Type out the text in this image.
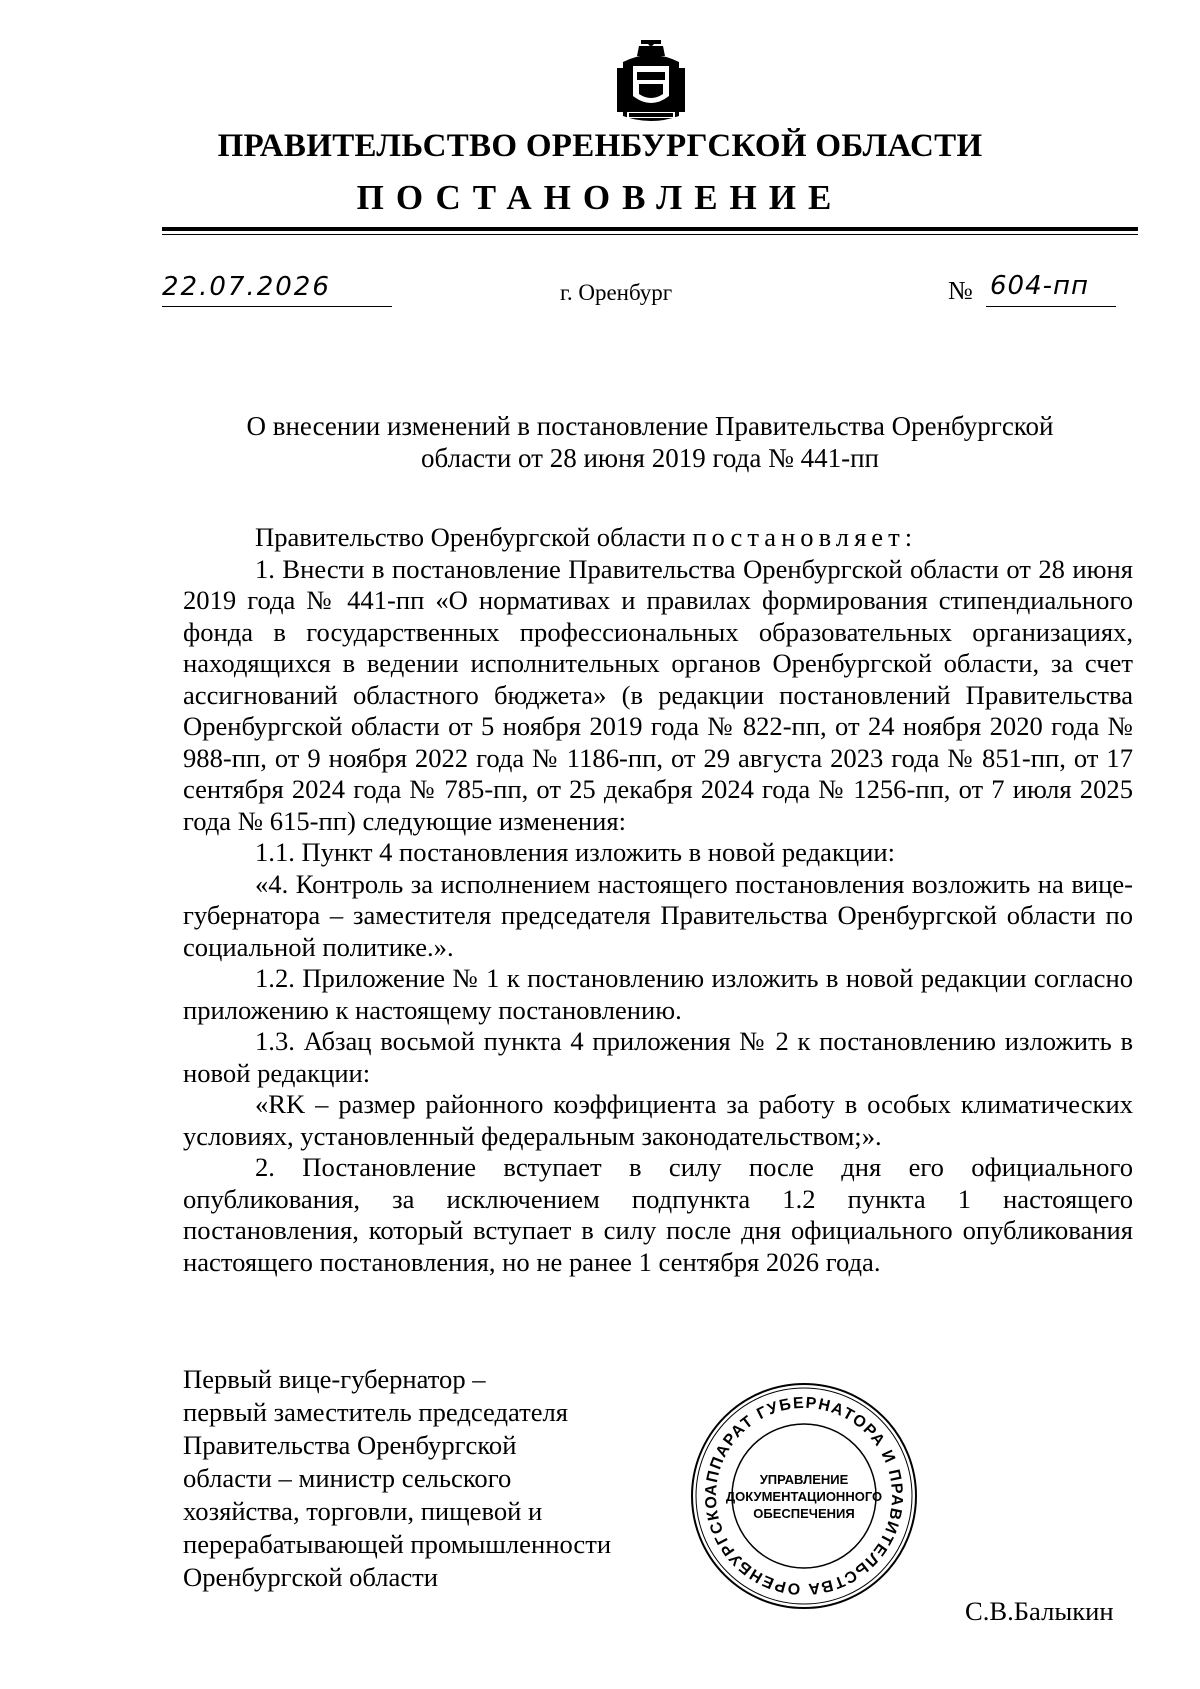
ПРАВИТЕЛЬСТВО ОРЕНБУРГСКОЙ ОБЛАСТИ
ПОСТАНОВЛЕНИЕ
22.07.2026	г. Оренбург	№ 604-пп
О внесении изменений в постановление Правительства Оренбургской
области от 28 июня 2019 года № 441-пп

Правительство Оренбургской области постановляет:

1. Внести в постановление Правительства Оренбургской области от 28 июня 2019 года № 441-пп «О нормативах и правилах формирования стипендиального фонда в государственных профессиональных образовательных организациях, находящихся в ведении исполнительных органов Оренбургской области, за счет ассигнований областного бюджета» (в редакции постановлений Правительства Оренбургской области от 5 ноября 2019 года № 822-пп, от 24 ноября 2020 года № 988-пп, от 9 ноября 2022 года № 1186-пп, от 29 августа 2023 года № 851-пп, от 17 сентября 2024 года № 785-пп, от 25 декабря 2024 года № 1256-пп, от 7 июля 2025 года № 615-пп) следующие изменения:

1.1. Пункт 4 постановления изложить в новой редакции:

«4. Контроль за исполнением настоящего постановления возложить на вице-губернатора – заместителя председателя Правительства Оренбургской области по социальной политике.».

1.2. Приложение № 1 к постановлению изложить в новой редакции согласно приложению к настоящему постановлению.

1.3. Абзац восьмой пункта 4 приложения № 2 к постановлению изложить в новой редакции:

«RK – размер районного коэффициента за работу в особых климатических условиях, установленный федеральным законодательством;».

2. Постановление вступает в силу после дня его официального опубликования, за исключением подпункта 1.2 пункта 1 настоящего постановления, который вступает в силу после дня официального опубликования настоящего постановления, но не ранее 1 сентября 2026 года.

Первый вице-губернатор –
первый заместитель председателя
Правительства Оренбургской
области – министр сельского
хозяйства, торговли, пищевой и
перерабатывающей промышленности
Оренбургской области
С.В.Балыкин
АППАРАТ ГУБЕРНАТОРА И ПРАВИТЕЛЬСТВА ОРЕНБУРГСКО
УПРАВЛЕНИЕ
ДОКУМЕНТАЦИОННОГО
ОБЕСПЕЧЕНИЯ
